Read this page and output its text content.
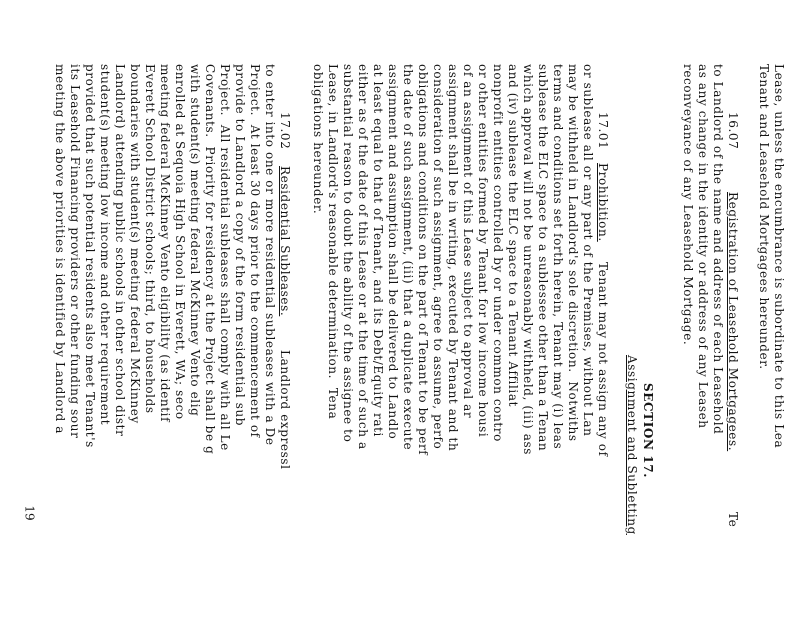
Lease, unless the encumbrance is subordinate to this Lea
Tenant and Leasehold Mortgagees hereunder.
16.07
Registration of Leasehold Mortgagees.
Te
to Landlord of the name and address of each Leasehold
as any change in the identity or address of any Leaseh
reconveyance of any Leasehold Mortgage.
SECTION 17.
Assignment and Subletting
17.01
Prohibition.
Tenant may not assign any of
or sublease all or any part of the Premises, without Lan
may be withheld in Landlord's sole discretion.  Notwiths
terms and conditions set forth herein, Tenant may (i) leas
sublease the ELC space to a sublessee other than a Tenan
which approval will not be unreasonably withheld, (iii) ass
and (iv) sublease the ELC space to a Tenant Affiliat
nonprofit entities controlled by or under common contro
or other entities formed by Tenant for low income housi
of an assignment of this Lease subject to approval ar
assignment shall be in writing, executed by Tenant and th
consideration of such assignment, agree to assume, perfo
obligations and conditions on the part of Tenant to be perf
the date of such assignment, (iii) that a duplicate execute
assignment and assumption shall be delivered to Landlo
at least equal to that of Tenant, and its Debt/Equity rati
either as of the date of this Lease or at the time of such a
substantial reason to doubt the ability of the assignee to
Lease, in Landlord's reasonable determination.  Tena
obligations hereunder.
17.02
Residential Subleases.
Landlord expressl
to enter into one or more residential subleases with a De
Project.  At least 30 days prior to the commencement of
provide to Landlord a copy of the form residential sub
Project.  All residential subleases shall comply with all Le
Covenants.  Priority for residency at the Project shall be g
with student(s) meeting federal McKinney Vento elig
enrolled at Sequoia High School in Everett, WA; seco
meeting federal McKinney Vento eligibility (as identif
Everett School District schools; third, to households
boundaries with student(s) meeting federal McKinney
Landlord) attending public schools in other school distr
student(s) meeting low income and other requirement
provided that such potential residents also meet Tenant's
its Leasehold Financing providers or other funding sour
meeting the above priorities is identified by Landlord a
19
